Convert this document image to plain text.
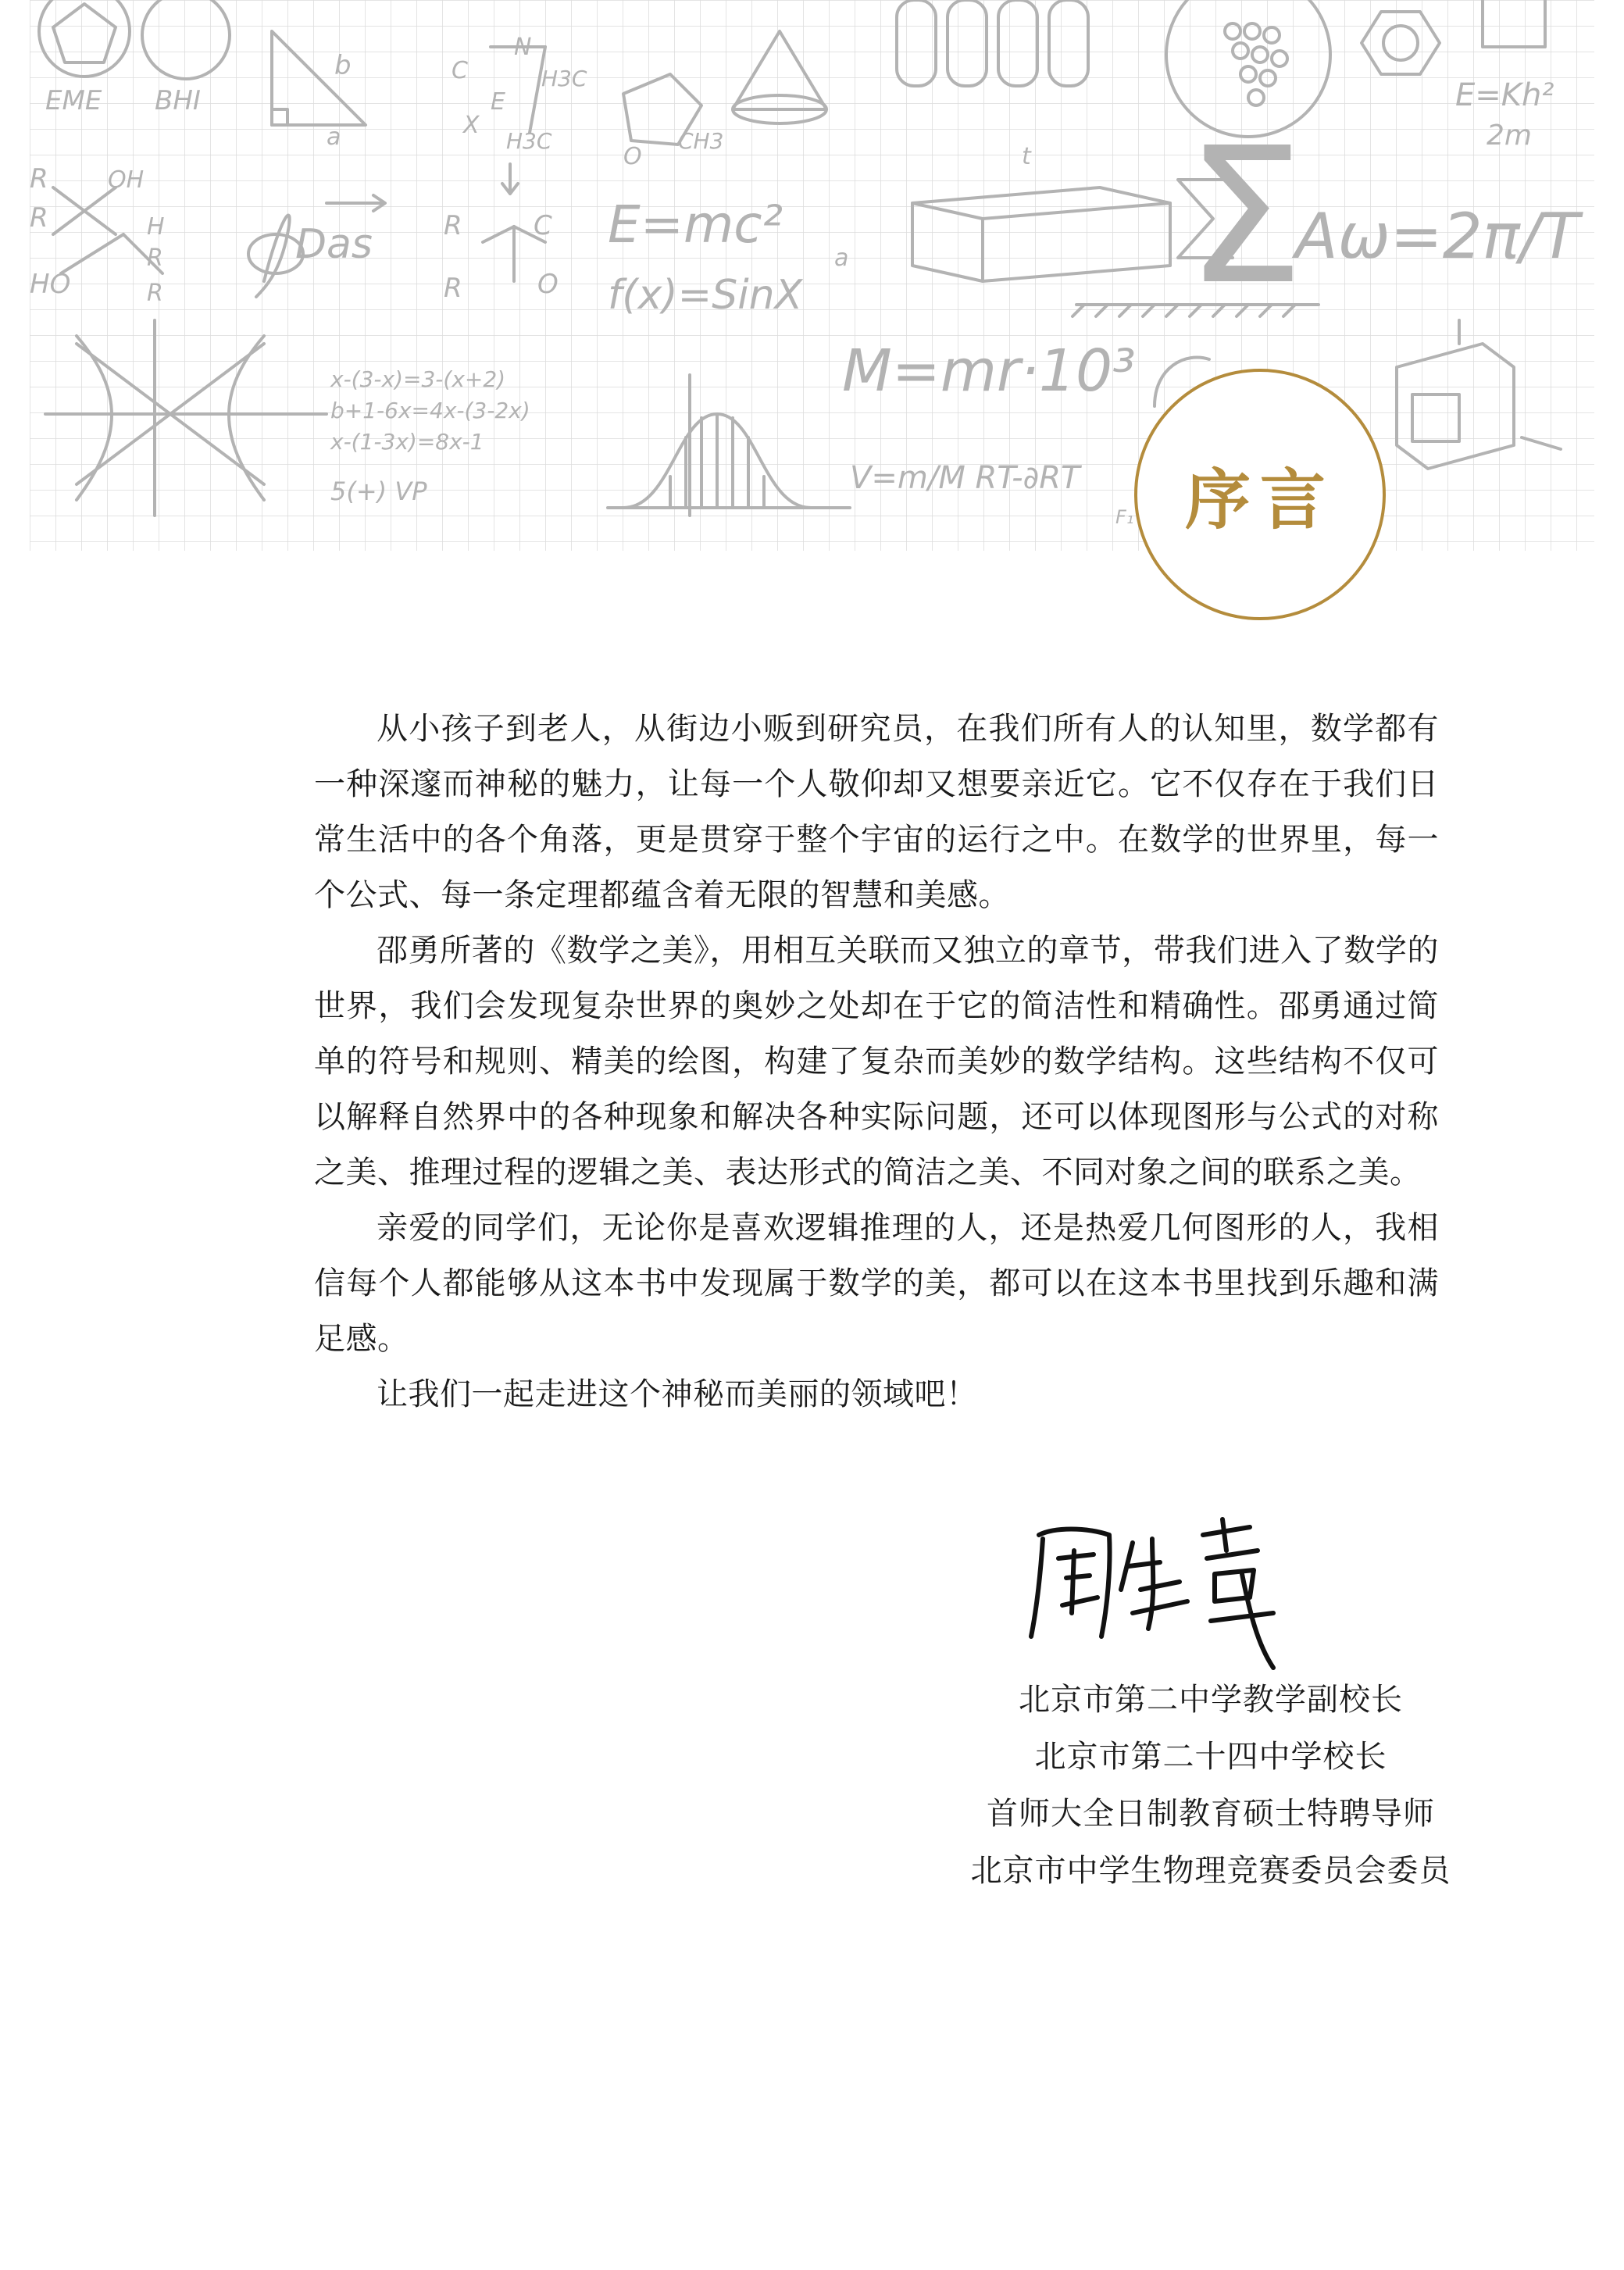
EME BHI
b
a
R	OH
R	H
R
HO	R
Das
H3C
H3C	CH3
C
E
X
N
O
R	C
R	O
E=mc²
f(x)=SinX
M=mr·10³
V=m/M RT-∂RT
a
t
Aω=2π/T
E=Kh²
2m
x-(3-x)=3-(x+2)
b+1-6x=4x-(3-2x)
x-(1-3x)=8x-1
5(+) VP
F₁
Σ
序言

从小孩子到老人，从街边小贩到研究员，在我们所有人的认知里，数学都有一种深邃而神秘的魅力，让每一个人敬仰却又想要亲近它。它不仅存在于我们日常生活中的各个角落，更是贯穿于整个宇宙的运行之中。在数学的世界里，每一个公式、每一条定理都蕴含着无限的智慧和美感。

邵勇所著的《数学之美》，用相互关联而又独立的章节，带我们进入了数学的世界，我们会发现复杂世界的奥妙之处却在于它的简洁性和精确性。邵勇通过简单的符号和规则、精美的绘图，构建了复杂而美妙的数学结构。这些结构不仅可以解释自然界中的各种现象和解决各种实际问题，还可以体现图形与公式的对称之美、推理过程的逻辑之美、表达形式的简洁之美、不同对象之间的联系之美。

亲爱的同学们，无论你是喜欢逻辑推理的人，还是热爱几何图形的人，我相信每个人都能够从这本书中发现属于数学的美，都可以在这本书里找到乐趣和满足感。

让我们一起走进这个神秘而美丽的领域吧！

北京市第二中学教学副校长
北京市第二十四中学校长
首师大全日制教育硕士特聘导师
北京市中学生物理竞赛委员会委员
